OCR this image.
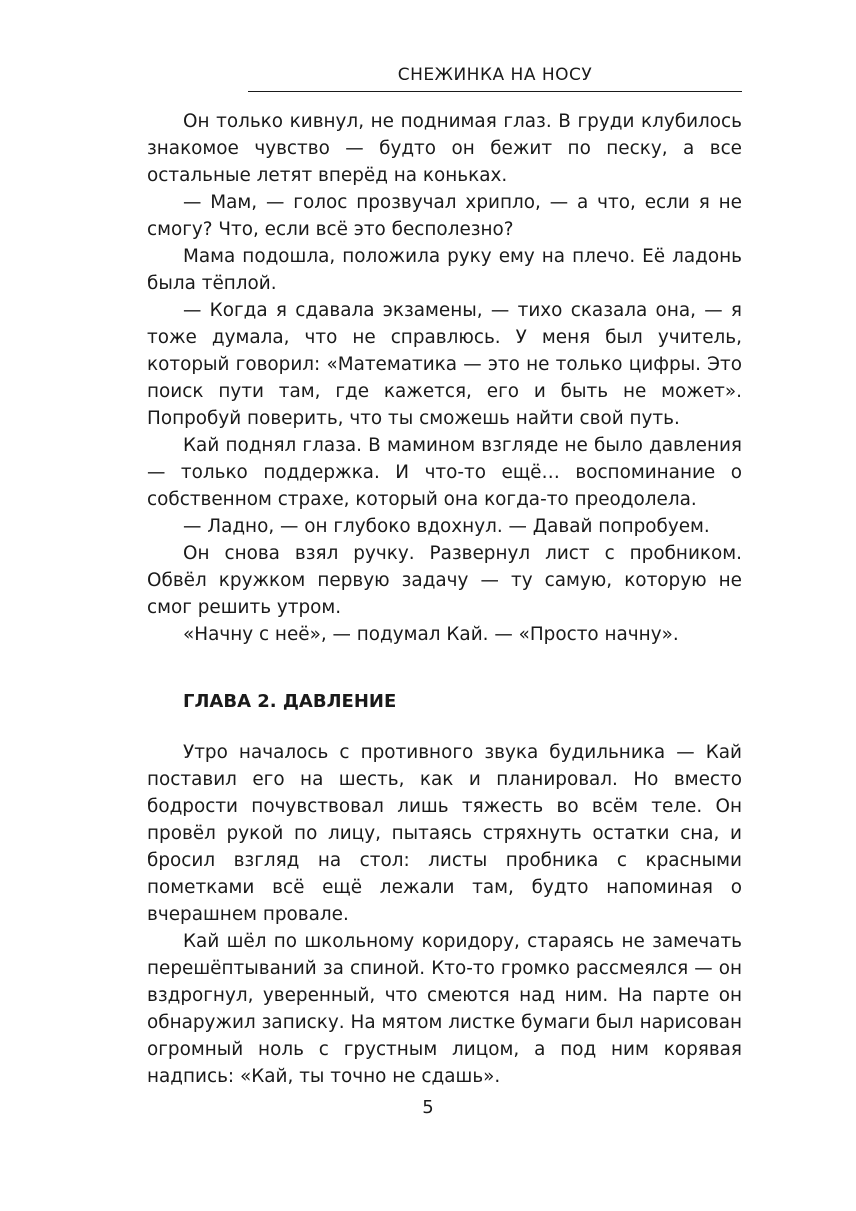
СНЕЖИНКА НА НОСУ

Он только кивнул, не поднимая глаз. В груди клубилось знакомое чувство — будто он бежит по песку, а все остальные летят вперёд на коньках.

— Мам, — голос прозвучал хрипло, — а что, если я не смогу? Что, если всё это бесполезно?

Мама подошла, положила руку ему на плечо. Её ладонь была тёплой.

— Когда я сдавала экзамены, — тихо сказала она, — я тоже думала, что не справлюсь. У меня был учитель, который говорил: «Математика — это не только цифры. Это поиск пути там, где кажется, его и быть не может». Попробуй поверить, что ты сможешь найти свой путь.

Кай поднял глаза. В мамином взгляде не было давления — только поддержка. И что-то ещё… воспоминание о собственном страхе, который она когда-то преодолела.

— Ладно, — он глубоко вдохнул. — Давай попробуем.

Он снова взял ручку. Развернул лист с пробником. Обвёл кружком первую задачу — ту самую, которую не смог решить утром.

«Начну с неё», — подумал Кай. — «Просто начну».

ГЛАВА 2. ДАВЛЕНИЕ

Утро началось с противного звука будильника — Кай поставил его на шесть, как и планировал. Но вместо бодрости почувствовал лишь тяжесть во всём теле. Он провёл рукой по лицу, пытаясь стряхнуть остатки сна, и бросил взгляд на стол: листы пробника с красными пометками всё ещё лежали там, будто напоминая о вчерашнем провале.

Кай шёл по школьному коридору, стараясь не замечать перешёптываний за спиной. Кто-то громко рассмеялся — он вздрогнул, уверенный, что смеются над ним. На парте он обнаружил записку. На мятом листке бумаги был нарисован огромный ноль с грустным лицом, а под ним корявая надпись: «Кай, ты точно не сдашь».

5
